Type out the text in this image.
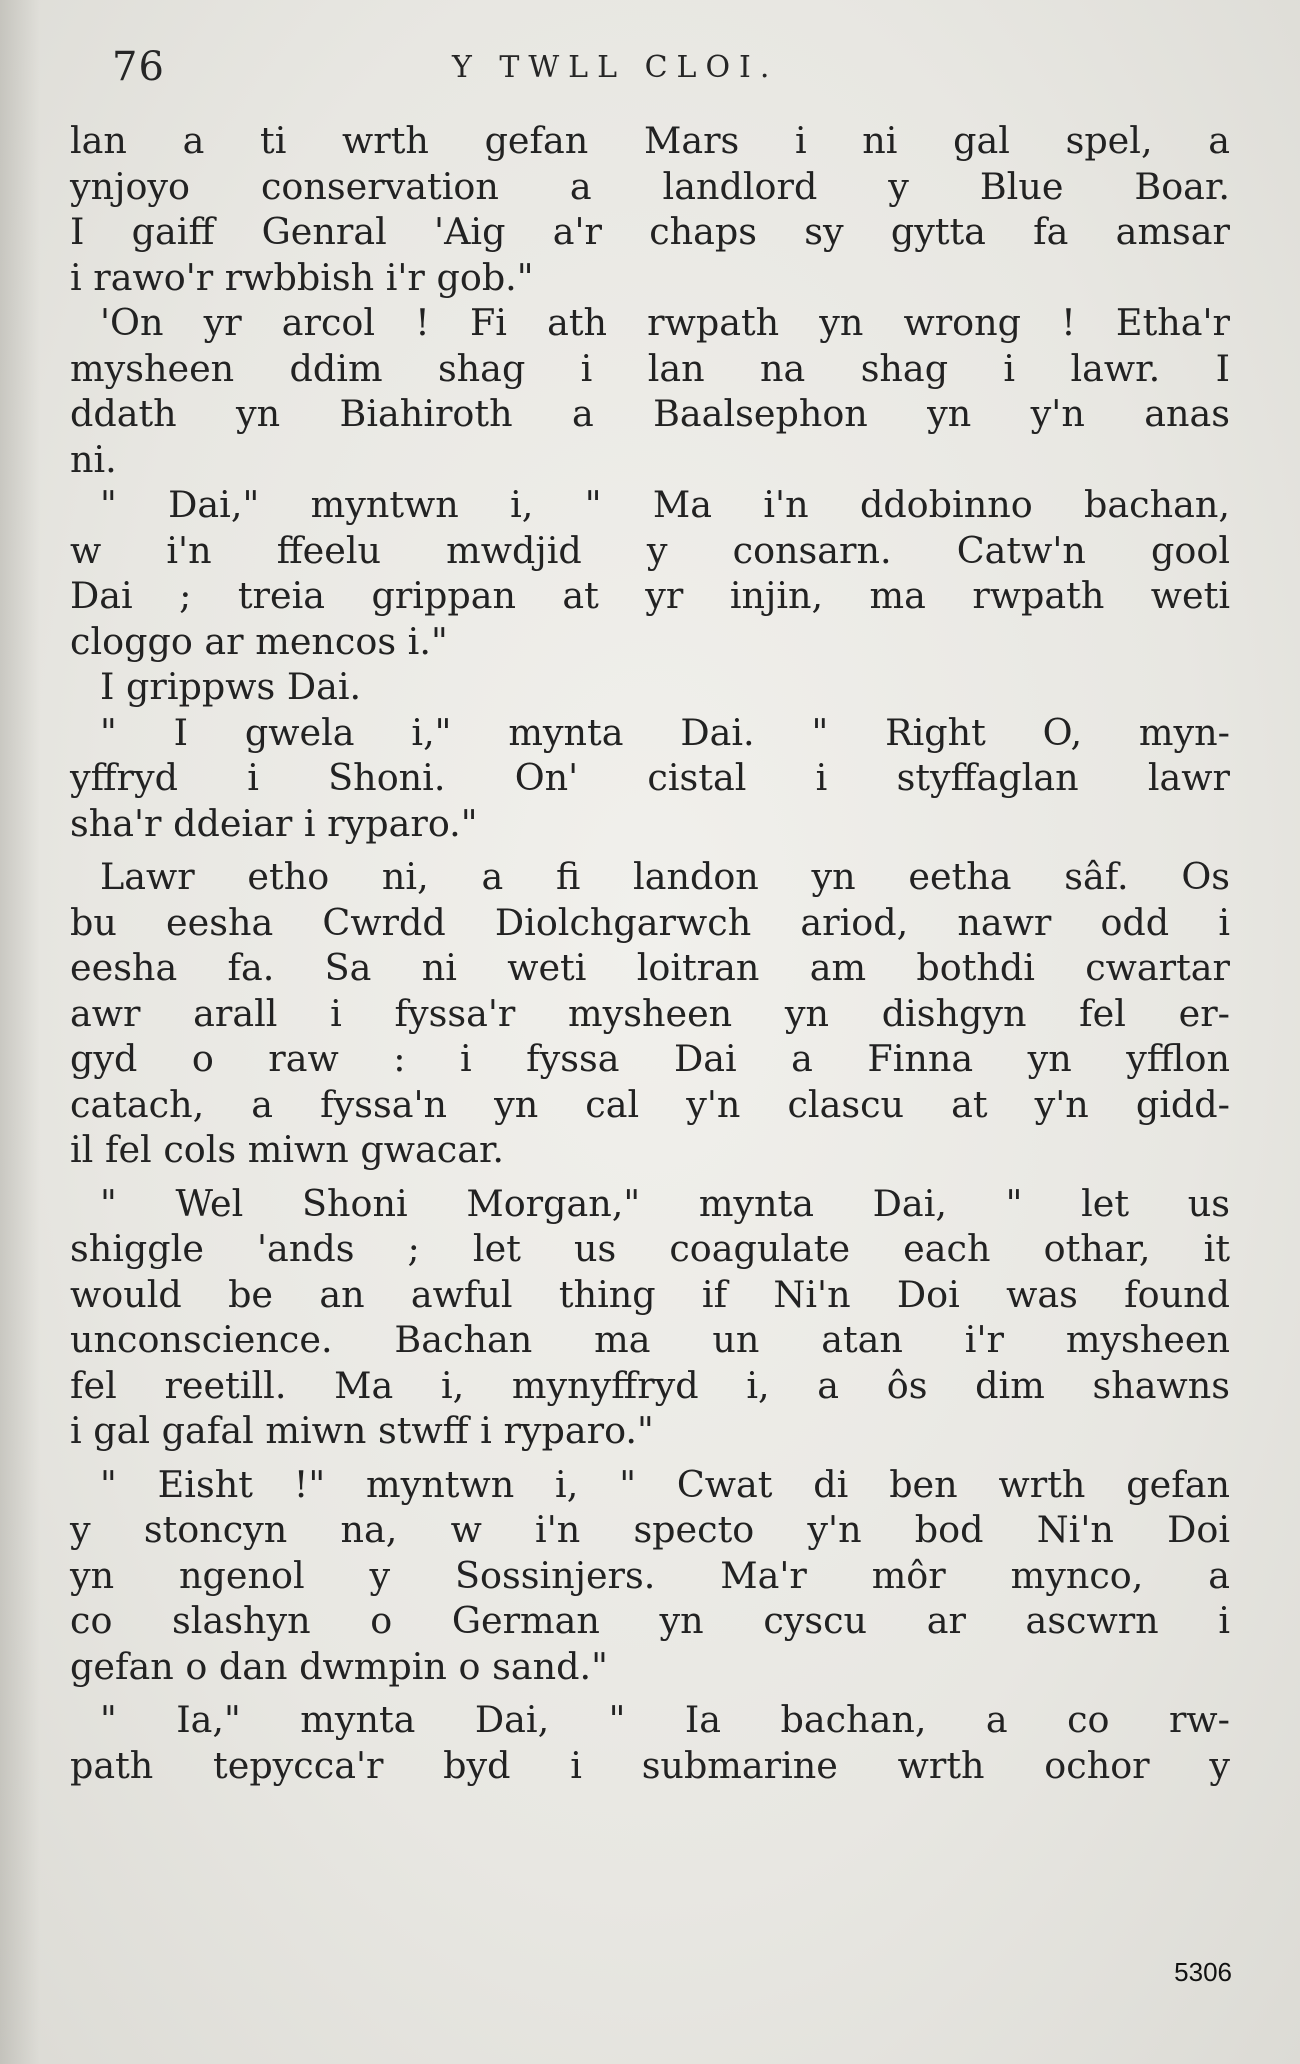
76	Y TWLL CLOI.
lan a ti wrth gefan Mars i ni gal spel, a
ynjoyo conservation a landlord y Blue Boar.
I gaiff Genral 'Aig a'r chaps sy gytta fa amsar
i rawo'r rwbbish i'r gob."
'On yr arcol ! Fi ath rwpath yn wrong ! Etha'r
mysheen ddim shag i lan na shag i lawr. I
ddath yn Biahiroth a Baalsephon yn y'n anas
ni.
" Dai," myntwn i, " Ma i'n ddobinno bachan,
w i'n ffeelu mwdjid y consarn. Catw'n gool
Dai ; treia grippan at yr injin, ma rwpath weti
cloggo ar mencos i."
I grippws Dai.
" I gwela i," mynta Dai. " Right O, myn-
yffryd i Shoni. On' cistal i styffaglan lawr
sha'r ddeiar i ryparo."
Lawr etho ni, a fi landon yn eetha sâf. Os
bu eesha Cwrdd Diolchgarwch ariod, nawr odd i
eesha fa. Sa ni weti loitran am bothdi cwartar
awr arall i fyssa'r mysheen yn dishgyn fel er-
gyd o raw : i fyssa Dai a Finna yn yfflon
catach, a fyssa'n yn cal y'n clascu at y'n gidd-
il fel cols miwn gwacar.
" Wel Shoni Morgan," mynta Dai, " let us
shiggle 'ands ; let us coagulate each othar, it
would be an awful thing if Ni'n Doi was found
unconscience. Bachan ma un atan i'r mysheen
fel reetill. Ma i, mynyffryd i, a ôs dim shawns
i gal gafal miwn stwff i ryparo."
" Eisht !" myntwn i, " Cwat di ben wrth gefan
y stoncyn na, w i'n specto y'n bod Ni'n Doi
yn ngenol y Sossinjers. Ma'r môr mynco, a
co slashyn o German yn cyscu ar ascwrn i
gefan o dan dwmpin o sand."
" Ia," mynta Dai, " Ia bachan, a co rw-
path tepycca'r byd i submarine wrth ochor y
5306
